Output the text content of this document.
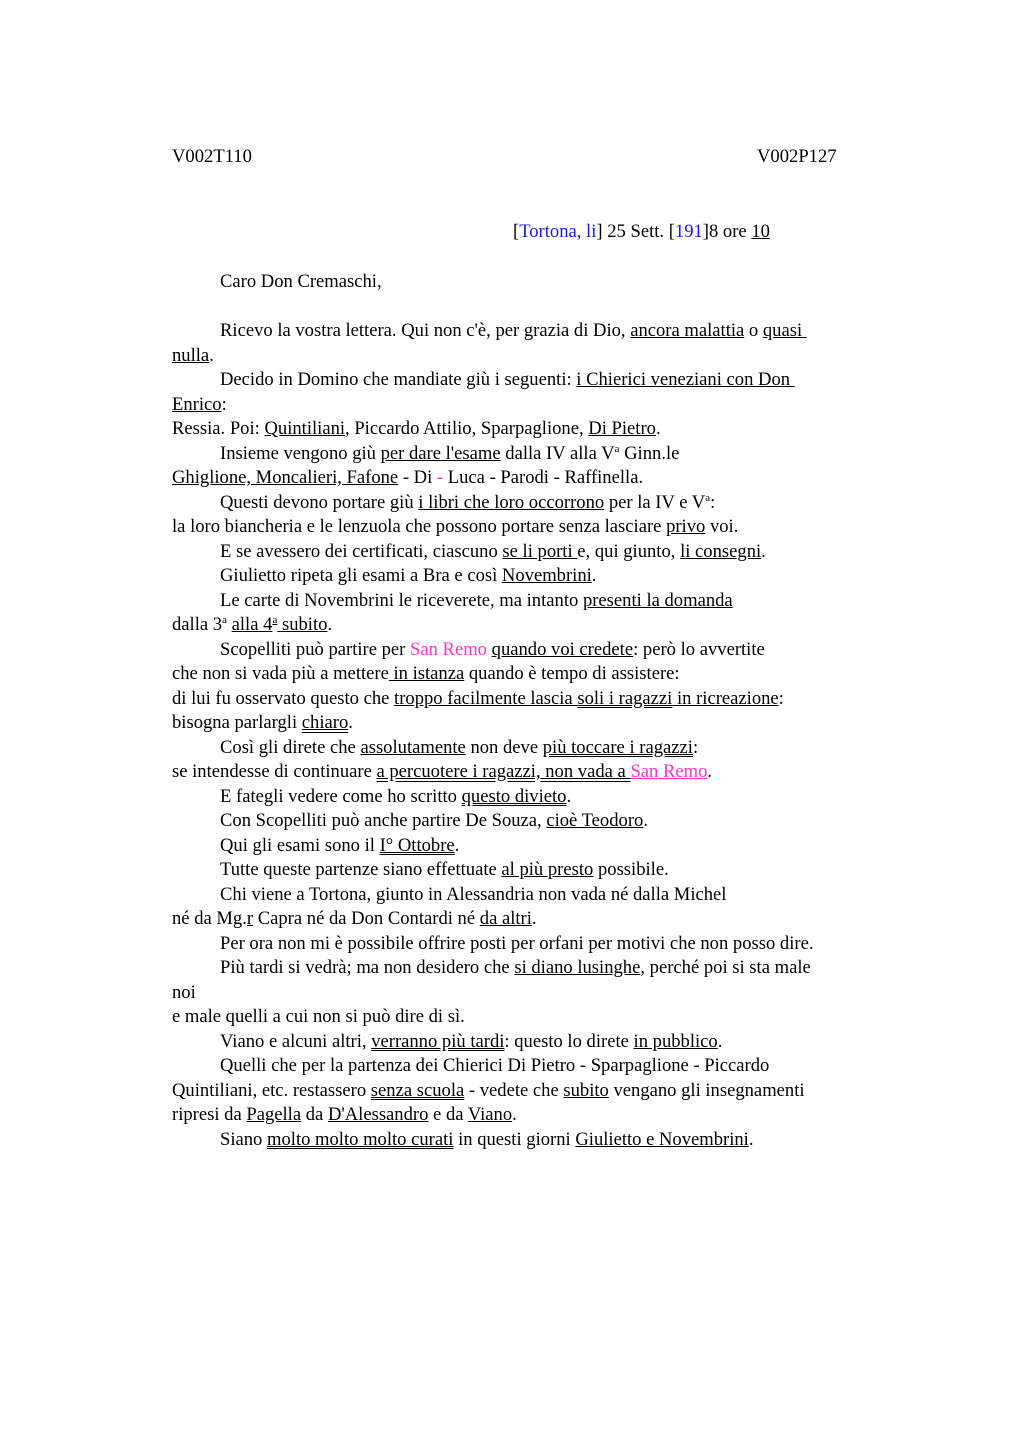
V002T110	V002P127
[Tortona, li] 25 Sett. [191]8 ore 10
Caro Don Cremaschi,
Ricevo la vostra lettera. Qui non c'è, per grazia di Dio, ancora malattia o quasi
nulla.
Decido in Domino che mandiate giù i seguenti: i Chierici veneziani con Don
Enrico:
Ressia. Poi: Quintiliani, Piccardo Attilio, Sparpaglione, Di Pietro.
Insieme vengono giù per dare l'esame dalla IV alla $V^a$ Ginn.le
Ghiglione, Moncalieri, Fafone - Di - Luca - Parodi - Raffinella.
Questi devono portare giù i libri che loro occorrono per la IV e $V^a$:
la loro biancheria e le lenzuola che possono portare senza lasciare privo voi.
E se avessero dei certificati, ciascuno se li porti e, qui giunto, li consegni.
Giulietto ripeta gli esami a Bra e così Novembrini.
Le carte di Novembrini le riceverete, ma intanto presenti la domanda
dalla 3$^a$ alla 4$^a$ subito.
Scopelliti può partire per San Remo quando voi credete: però lo avvertite
che non si vada più a mettere in istanza quando è tempo di assistere:
di lui fu osservato questo che troppo facilmente lascia soli i ragazzi in ricreazione:
bisogna parlargli chiaro.
Così gli direte che assolutamente non deve più toccare i ragazzi:
se intendesse di continuare a percuotere i ragazzi, non vada a San Remo.
E fategli vedere come ho scritto questo divieto.
Con Scopelliti può anche partire De Souza, cioè Teodoro.
Qui gli esami sono il I° Ottobre.
Tutte queste partenze siano effettuate al più presto possibile.
Chi viene a Tortona, giunto in Alessandria non vada né dalla Michel
né da Mg.r Capra né da Don Contardi né da altri.
Per ora non mi è possibile offrire posti per orfani per motivi che non posso dire.
Più tardi si vedrà; ma non desidero che si diano lusinghe, perché poi si sta male
noi
e male quelli a cui non si può dire di sì.
Viano e alcuni altri, verranno più tardi: questo lo direte in pubblico.
Quelli che per la partenza dei Chierici Di Pietro - Sparpaglione - Piccardo
Quintiliani, etc. restassero senza scuola - vedete che subito vengano gli insegnamenti
ripresi da Pagella da D'Alessandro e da Viano.
Siano molto molto molto curati in questi giorni Giulietto e Novembrini.
